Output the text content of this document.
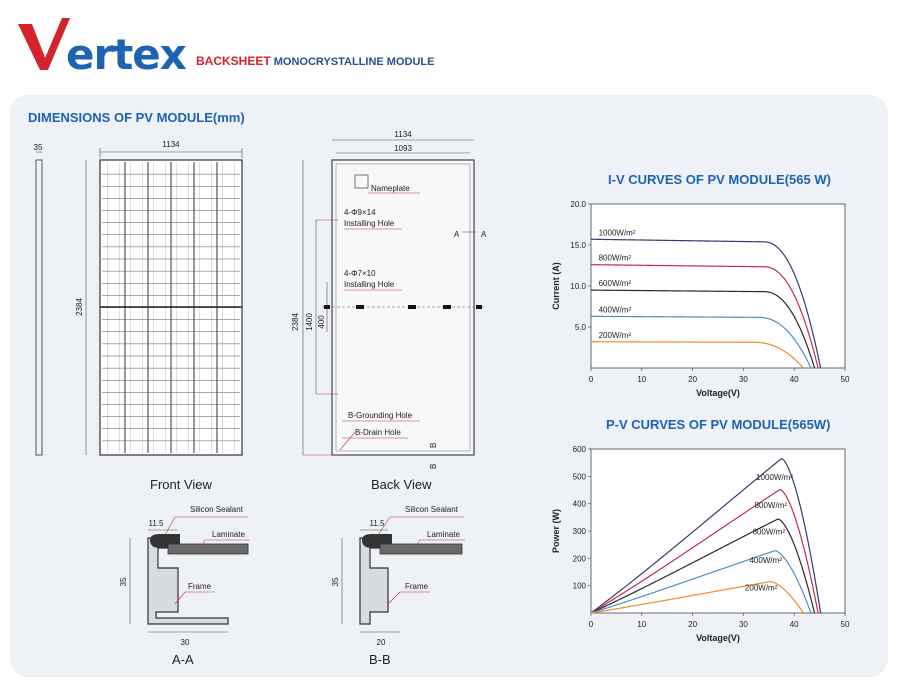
ertex BACKSHEET MONOCRYSTALLINE MODULE
DIMENSIONS OF PV MODULE(mm)
35	1134
2384
1134
1093
Nameplate
4-Φ9×14
Installing Hole
4-Φ7×10
Installing Hole
2384 1400 400
A	A
B
B
B-Grounding Hole
B-Drain Hole
11.5
35
30
Silicon Sealant
Laminate
Frame
11.5
35
20
Silicon Sealant
Laminate
Frame
Front View	Back View
A-A	B-B
I-V CURVES OF PV MODULE(565 W)
0	10	20	30	40	50
5.0
10.0
15.0
20.0
Voltage(V)
Current (A)
1000W/m²
800W/m²
600W/m²
400W/m²
200W/m²
P-V CURVES OF PV MODULE(565W)
0	10	20	30	40	50
100
200
300
400
500
600
Voltage(V)
Power (W)
1000W/m²
800W/m²
600W/m²
400W/m²
200W/m²
